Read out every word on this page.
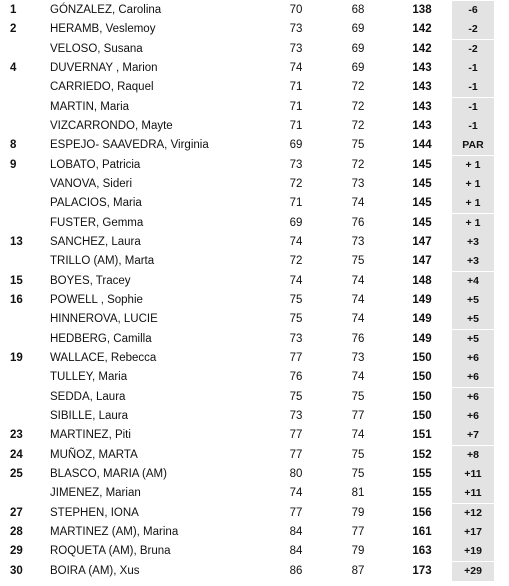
1	GÓNZALEZ, Carolina	70	68	138	-6
2	HERAMB, Veslemoy	73	69	142	-2
VELOSO, Susana	73	69	142	-2
4	DUVERNAY , Marion	74	69	143	-1
CARRIEDO, Raquel	71	72	143	-1
MARTIN, Maria	71	72	143	-1
VIZCARRONDO, Mayte	71	72	143	-1
8	ESPEJO- SAAVEDRA, Virginia	69	75	144	PAR
9	LOBATO, Patricia	73	72	145	+ 1
VANOVA, Sideri	72	73	145	+ 1
PALACIOS, Maria	71	74	145	+ 1
FUSTER, Gemma	69	76	145	+ 1
13	SANCHEZ, Laura	74	73	147	+3
TRILLO (AM), Marta	72	75	147	+3
15	BOYES, Tracey	74	74	148	+4
16	POWELL , Sophie	75	74	149	+5
HINNEROVA, LUCIE	75	74	149	+5
HEDBERG, Camilla	73	76	149	+5
19	WALLACE, Rebecca	77	73	150	+6
TULLEY, Maria	76	74	150	+6
SEDDA, Laura	75	75	150	+6
SIBILLE, Laura	73	77	150	+6
23	MARTINEZ, Piti	77	74	151	+7
24	MUÑOZ, MARTA	77	75	152	+8
25	BLASCO, MARIA (AM)	80	75	155	+11
JIMENEZ, Marian	74	81	155	+11
27	STEPHEN, IONA	77	79	156	+12
28	MARTINEZ (AM), Marina	84	77	161	+17
29	ROQUETA (AM), Bruna	84	79	163	+19
30	BOIRA (AM), Xus	86	87	173	+29
